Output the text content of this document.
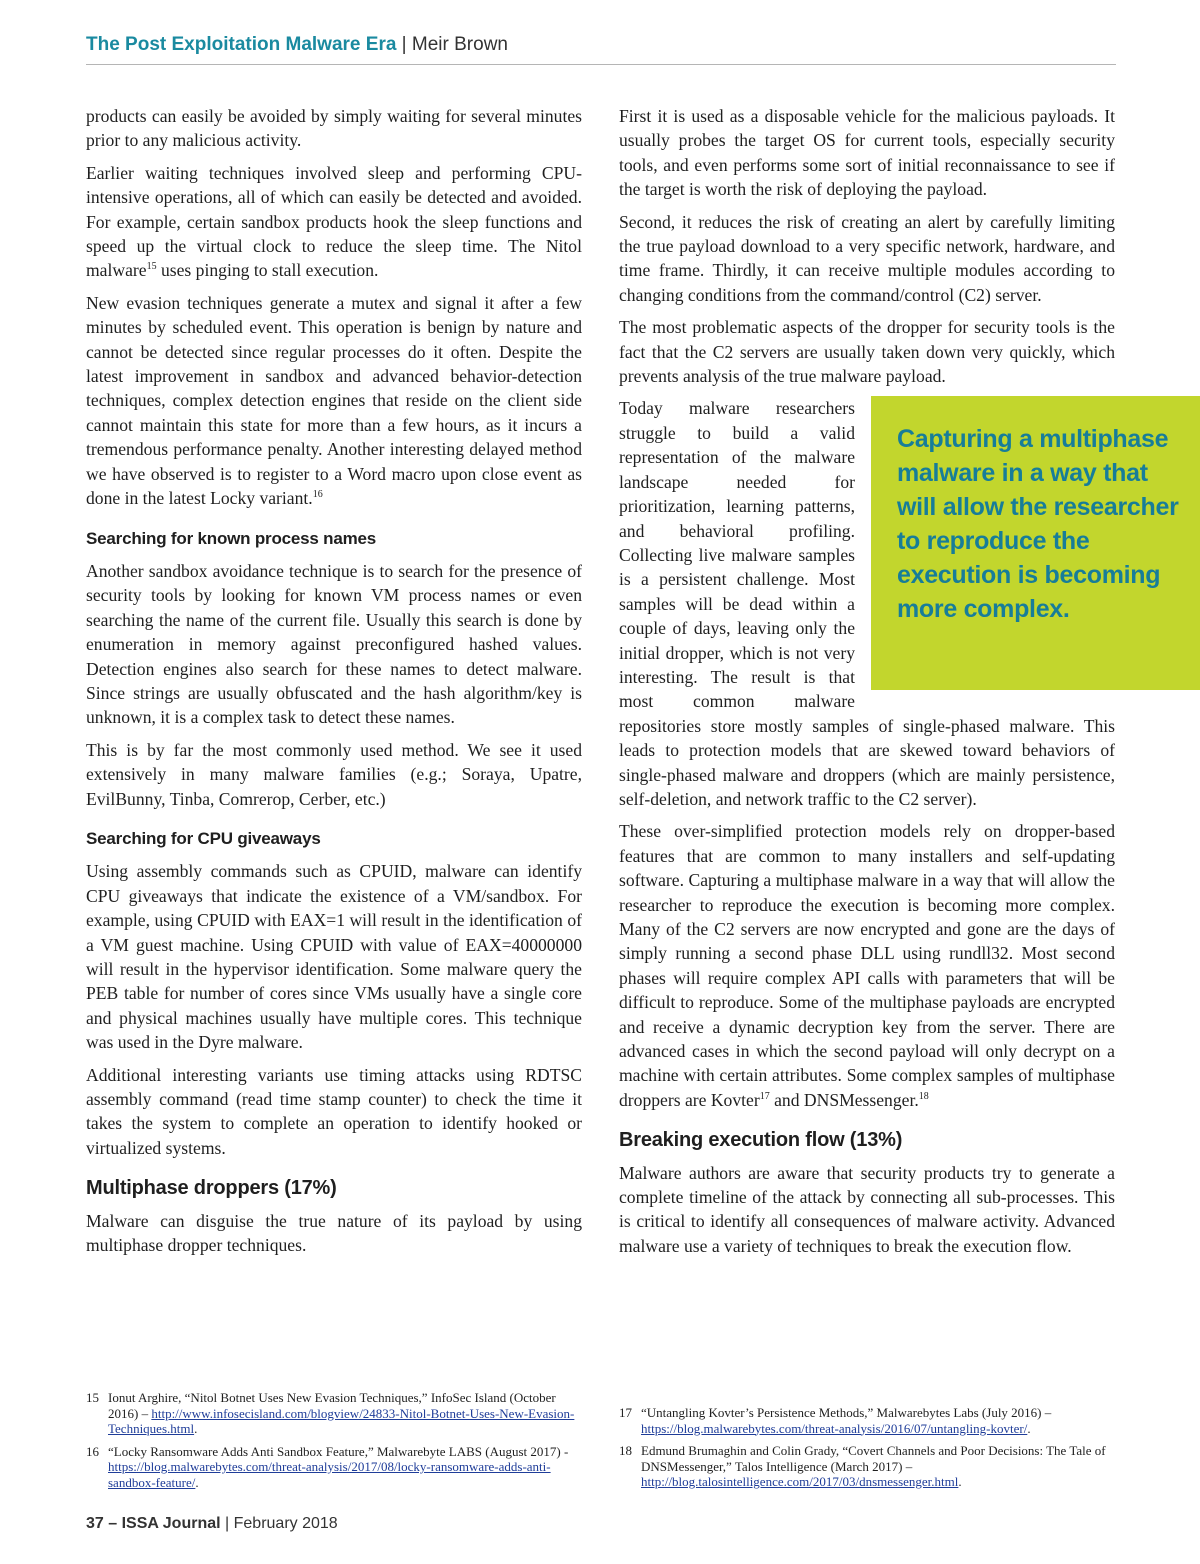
The Post Exploitation Malware Era | Meir Brown

products can easily be avoided by simply waiting for several minutes prior to any malicious activity.

Earlier waiting techniques involved sleep and performing CPU-intensive operations, all of which can easily be detected and avoided. For example, certain sandbox products hook the sleep functions and speed up the virtual clock to reduce the sleep time. The Nitol malware$^{15}$ uses pinging to stall execution.

New evasion techniques generate a mutex and signal it after a few minutes by scheduled event. This operation is benign by nature and cannot be detected since regular processes do it often. Despite the latest improvement in sandbox and advanced behavior-detection techniques, complex detection engines that reside on the client side cannot maintain this state for more than a few hours, as it incurs a tremendous performance penalty. Another interesting delayed method we have observed is to register to a Word macro upon close event as done in the latest Locky variant.$^{16}$

Searching for known process names

Another sandbox avoidance technique is to search for the presence of security tools by looking for known VM process names or even searching the name of the current file. Usually this search is done by enumeration in memory against preconfigured hashed values. Detection engines also search for these names to detect malware. Since strings are usually obfuscated and the hash algorithm/key is unknown, it is a complex task to detect these names.

This is by far the most commonly used method. We see it used extensively in many malware families (e.g.; Soraya, Upatre, EvilBunny, Tinba, Comrerop, Cerber, etc.)

Searching for CPU giveaways

Using assembly commands such as CPUID, malware can identify CPU giveaways that indicate the existence of a VM/sandbox. For example, using CPUID with EAX=1 will result in the identification of a VM guest machine. Using CPUID with value of EAX=40000000 will result in the hypervisor identification. Some malware query the PEB table for number of cores since VMs usually have a single core and physical machines usually have multiple cores. This technique was used in the Dyre malware.

Additional interesting variants use timing attacks using RDTSC assembly command (read time stamp counter) to check the time it takes the system to complete an operation to identify hooked or virtualized systems.

Multiphase droppers (17%)

Malware can disguise the true nature of its payload by using multiphase dropper techniques.

First it is used as a disposable vehicle for the malicious payloads. It usually probes the target OS for current tools, especially security tools, and even performs some sort of initial reconnaissance to see if the target is worth the risk of deploying the payload.

Second, it reduces the risk of creating an alert by carefully limiting the true payload download to a very specific network, hardware, and time frame. Thirdly, it can receive multiple modules according to changing conditions from the command/control (C2) server.

The most problematic aspects of the dropper for security tools is the fact that the C2 servers are usually taken down very quickly, which prevents analysis of the true malware payload.

Capturing a multiphase malware in a way that will allow the researcher to reproduce the execution is becoming more complex.

Today malware researchers struggle to build a valid representation of the malware landscape needed for prioritization, learning patterns, and behavioral profiling. Collecting live malware samples is a persistent challenge. Most samples will be dead within a couple of days, leaving only the initial dropper, which is not very interesting. The result is that most common malware repositories store mostly samples of single-phased malware. This leads to protection models that are skewed toward behaviors of single-phased malware and droppers (which are mainly persistence, self-deletion, and network traffic to the C2 server).

These over-simplified protection models rely on dropper-based features that are common to many installers and self-updating software. Capturing a multiphase malware in a way that will allow the researcher to reproduce the execution is becoming more complex. Many of the C2 servers are now encrypted and gone are the days of simply running a second phase DLL using rundll32. Most second phases will require complex API calls with parameters that will be difficult to reproduce. Some of the multiphase payloads are encrypted and receive a dynamic decryption key from the server. There are advanced cases in which the second payload will only decrypt on a machine with certain attributes. Some complex samples of multiphase droppers are Kovter$^{17}$ and DNSMessenger.$^{18}$

Breaking execution flow (13%)

Malware authors are aware that security products try to generate a complete timeline of the attack by connecting all sub-processes. This is critical to identify all consequences of malware activity. Advanced malware use a variety of techniques to break the execution flow.

15 Ionut Arghire, “Nitol Botnet Uses New Evasion Techniques,” InfoSec Island (October 2016) – http://www.infosecisland.com/blogview/24833-Nitol-Botnet-Uses-New-Evasion-Techniques.html.
16 “Locky Ransomware Adds Anti Sandbox Feature,” Malwarebyte LABS (August 2017) - https://blog.malwarebytes.com/threat-analysis/2017/08/locky-ransomware-adds-anti-sandbox-feature/.
17 “Untangling Kovter’s Persistence Methods,” Malwarebytes Labs (July 2016) – https://blog.malwarebytes.com/threat-analysis/2016/07/untangling-kovter/.
18 Edmund Brumaghin and Colin Grady, “Covert Channels and Poor Decisions: The Tale of DNSMessenger,” Talos Intelligence (March 2017) – http://blog.talosintelligence.com/2017/03/dnsmessenger.html.
37 – ISSA Journal | February 2018
